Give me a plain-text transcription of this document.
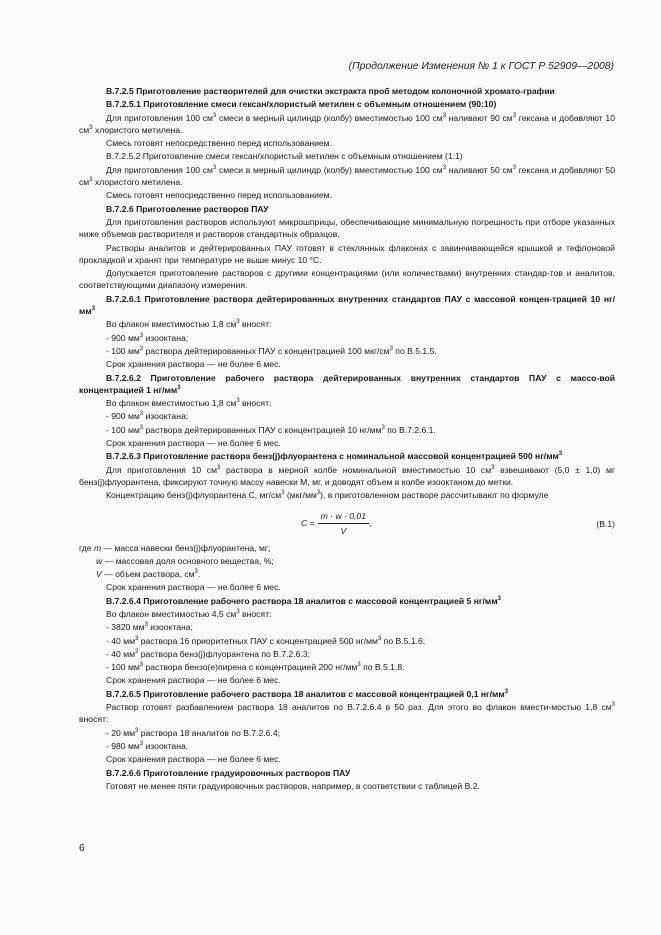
(Продолжение Изменения № 1 к ГОСТ Р 52909—2008)
B.7.2.5 Приготовление растворителей для очистки экстракта проб методом колоночной хромато-графии
B.7.2.5.1 Приготовление смеси гексан/хлористый метилен с объемным отношением (90:10)
Для приготовления 100 $см^3$ смеси в мерный цилиндр (колбу) вместимостью 100 $см^3$ наливают 90 $см^3$ гексана и добавляют 10 $см^3$ хлористого метилена.
Смесь готовят непосредственно перед использованием.
B.7.2.5.2 Приготовление смеси гексан/хлористый метилен с объемным отношением (1:1)
Для приготовления 100 $см^3$ смеси в мерный цилиндр (колбу) вместимостью 100 $см^3$ наливают 50 $см^3$ гексана и добавляют 50 $см^3$ хлористого метилена.
Смесь готовят непосредственно перед использованием.
B.7.2.6 Приготовление растворов ПАУ
Для приготовления растворов используют микрошприцы, обеспечивающие минимальную погрешность при отборе указанных ниже объемов растворителя и растворов стандартных образцов.
Растворы аналитов и дейтерированных ПАУ готовят в стеклянных флаконах с завинчивающейся крышкой и тефлоновой прокладкой и хранят при температуре не выше минус 10 °С.
Допускается приготовление растворов с другими концентрациями (или количествами) внутренних стандар-тов и аналитов, соответствующими диапазону измерения.
B.7.2.6.1 Приготовление раствора дейтерированных внутренних стандартов ПАУ с массовой концен-трацией 10 $нг/мм^3$
Во флакон вместимостью 1,8 $см^3$ вносят:
- 900 $мм^3$ изооктана;
- 100 $мм^3$ раствора дейтерированных ПАУ с концентрацией 100 мкг/$см^3$ по В.5.1.5.
Срок хранения раствора — не более 6 мес.
B.7.2.6.2 Приготовление рабочего раствора дейтерированных внутренних стандартов ПАУ с массо-вой концентрацией 1 $нг/мм^3$
Во флакон вместимостью 1,8 $см^3$ вносят:
- 900 $мм^3$ изооктана;
- 100 $мм^3$ раствора дейтерированных ПАУ с концентрацией 10 $нг/мм^3$ по В.7.2.6.1.
Срок хранения раствора — не более 6 мес.
B.7.2.6.3 Приготовление раствора бенз(j)флуорантена с номинальной массовой концентрацией 500 $нг/мм^3$
Для приготовления 10 $см^3$ раствора в мерной колбе номинальной вместимостью 10 $см^3$ взвешивают (5,0 ± 1,0) мг бенз(j)флуорантена, фиксируют точную массу навески М, мг, и доводят объем в колбе изооктаном до метки.
Концентрацию бенз(j)флуорантена С, $мг/см^3$ $(мкг/мм^3)$, в приготовленном растворе рассчитывают по формуле
$C = \frac{m \cdot w \cdot 0,01}{V}$ ,	(В.1)
где m — масса навески бенз(j)флуорантена, мг;
w — массовая доля основного вещества, %;
V — объем раствора, $см^3$.
Срок хранения раствора — не более 6 мес.
B.7.2.6.4 Приготовление рабочего раствора 18 аналитов с массовой концентрацией 5 $нг/мм^3$
Во флакон вместимостью 4,5 $см^3$ вносят:
- 3820 $мм^3$ изооктана;
- 40 $мм^3$ раствора 16 приоритетных ПАУ с концентрацией 500 $нг/мм^3$ по В.5.1.6;
- 40 $мм^3$ раствора бенз(j)флуорантена по В.7.2.6.3;
- 100 $мм^3$ раствора бензо(е)пирена с концентрацией 200 $нг/мм^3$ по В.5.1.8.
Срок хранения раствора — не более 6 мес.
B.7.2.6.5 Приготовление рабочего раствора 18 аналитов с массовой концентрацией 0,1 $нг/мм^3$
Раствор готовят разбавлением раствора 18 аналитов по В.7.2.6.4 в 50 раз. Для этого во флакон вмести-мостью 1,8 $см^3$ вносят:
- 20 $мм^3$ раствора 18 аналитов по В.7.2.6.4;
- 980 $мм^3$ изооктана.
Срок хранения раствора — не более 6 мес.
B.7.2.6.6 Приготовление градуировочных растворов ПАУ
Готовят не менее пяти градуировочных растворов, например, в соответствии с таблицей В.2.
6
